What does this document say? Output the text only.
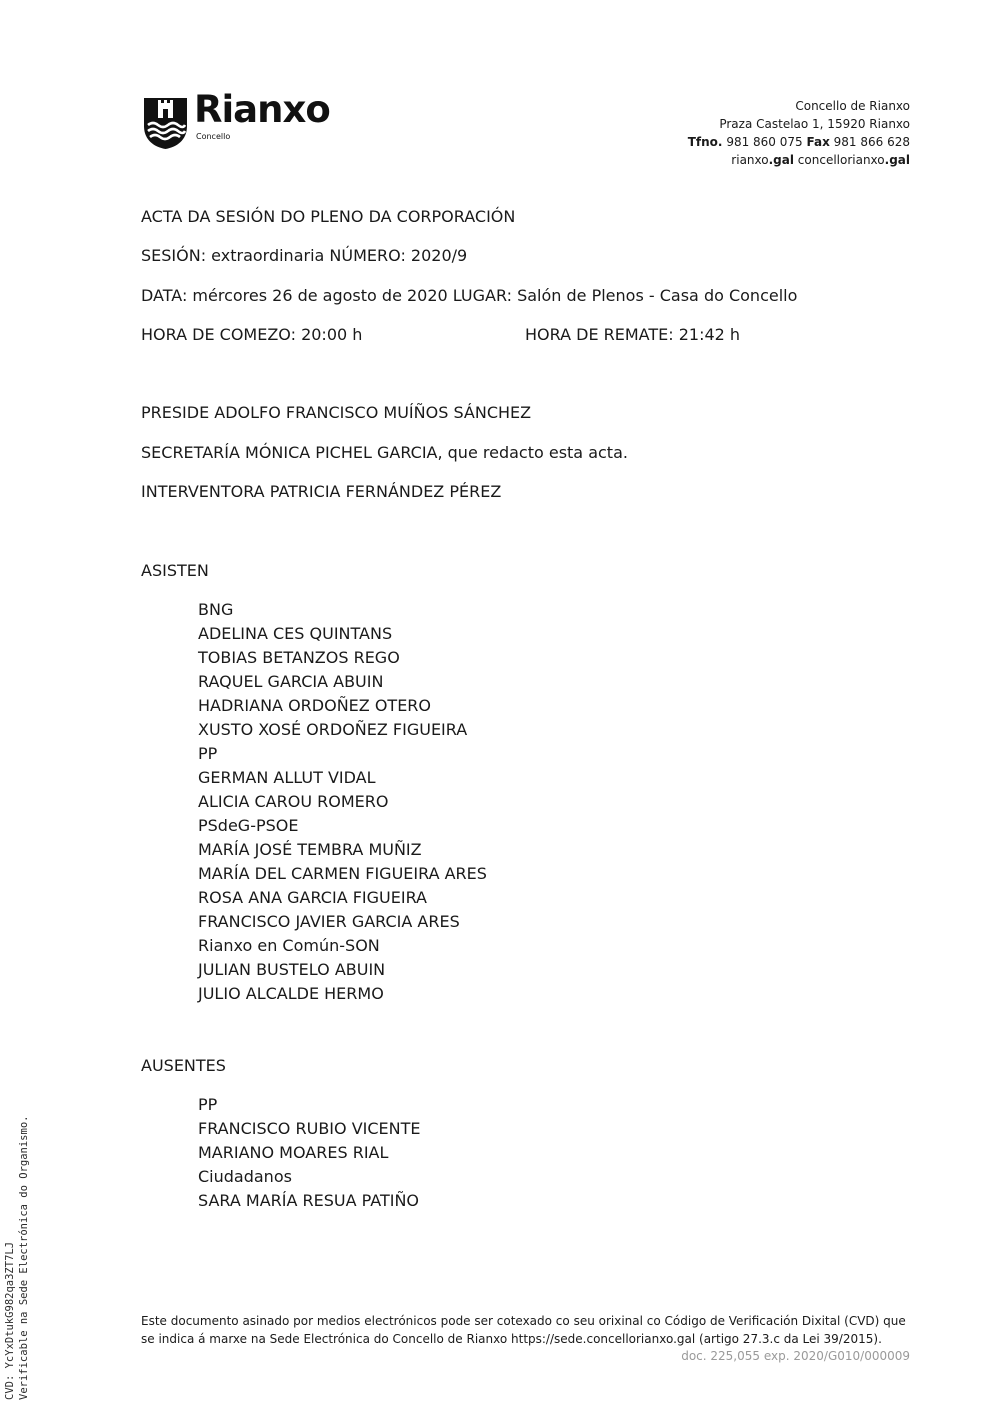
Rianxo
Concello
Concello de Rianxo
Praza Castelao 1, 15920 Rianxo
Tfno. 981 860 075 Fax 981 866 628
rianxo.gal concellorianxo.gal
ACTA DA SESIÓN DO PLENO DA CORPORACIÓN
SESIÓN: extraordinaria NÚMERO: 2020/9
DATA: mércores 26 de agosto de 2020 LUGAR: Salón de Plenos - Casa do Concello
HORA DE COMEZO: 20:00 h	HORA DE REMATE: 21:42 h
PRESIDE ADOLFO FRANCISCO MUÍÑOS SÁNCHEZ
SECRETARÍA MÓNICA PICHEL GARCIA, que redacto esta acta.
INTERVENTORA PATRICIA FERNÁNDEZ PÉREZ
ASISTEN
BNG
ADELINA CES QUINTANS
TOBIAS BETANZOS REGO
RAQUEL GARCIA ABUIN
HADRIANA ORDOÑEZ OTERO
XUSTO XOSÉ ORDOÑEZ FIGUEIRA
PP
GERMAN ALLUT VIDAL
ALICIA CAROU ROMERO
PSdeG-PSOE
MARÍA JOSÉ TEMBRA MUÑIZ
MARÍA DEL CARMEN FIGUEIRA ARES
ROSA ANA GARCIA FIGUEIRA
FRANCISCO JAVIER GARCIA ARES
Rianxo en Común-SON
JULIAN BUSTELO ABUIN
JULIO ALCALDE HERMO
AUSENTES
PP
FRANCISCO RUBIO VICENTE
MARIANO MOARES RIAL
Ciudadanos
SARA MARÍA RESUA PATIÑO
Este documento asinado por medios electrónicos pode ser cotexado co seu orixinal co Código de Verificación Dixital (CVD) que se indica á marxe na Sede Electrónica do Concello de Rianxo https://sede.concellorianxo.gal (artigo 27.3.c da Lei 39/2015).
doc. 225,055 exp. 2020/G010/000009
CVD: YcYxDtukG982qa3ZT7LJ Verificable na Sede Electrónica do Organismo.
